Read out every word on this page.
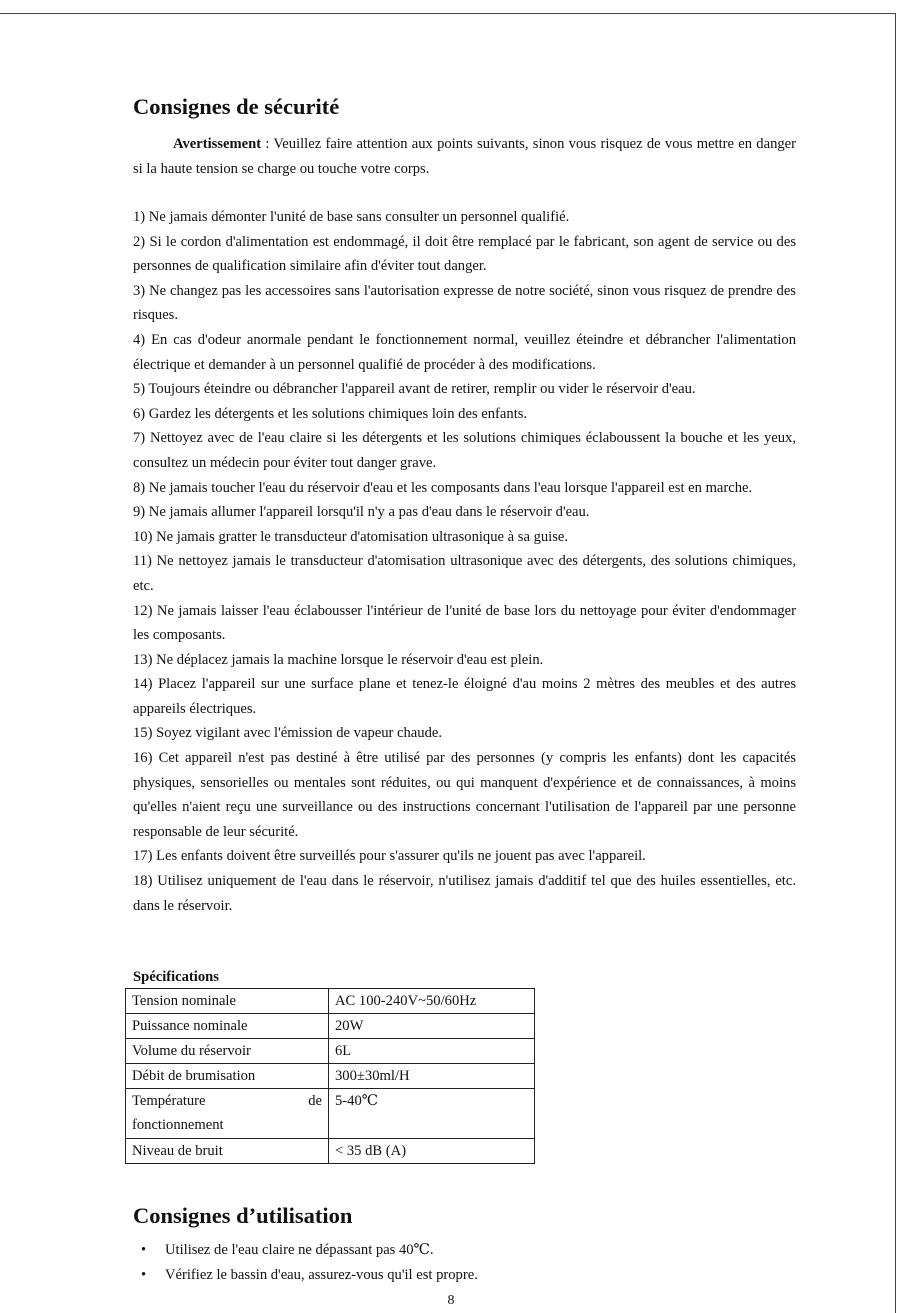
Consignes de sécurité

Avertissement : Veuillez faire attention aux points suivants, sinon vous risquez de vous mettre en danger si la haute tension se charge ou touche votre corps.

1) Ne jamais démonter l'unité de base sans consulter un personnel qualifié.
2) Si le cordon d'alimentation est endommagé, il doit être remplacé par le fabricant, son agent de service ou des personnes de qualification similaire afin d'éviter tout danger.
3) Ne changez pas les accessoires sans l'autorisation expresse de notre société, sinon vous risquez de prendre des risques.
4) En cas d'odeur anormale pendant le fonctionnement normal, veuillez éteindre et débrancher l'alimentation électrique et demander à un personnel qualifié de procéder à des modifications.
5) Toujours éteindre ou débrancher l'appareil avant de retirer, remplir ou vider le réservoir d'eau.
6) Gardez les détergents et les solutions chimiques loin des enfants.
7) Nettoyez avec de l'eau claire si les détergents et les solutions chimiques éclaboussent la bouche et les yeux, consultez un médecin pour éviter tout danger grave.
8) Ne jamais toucher l'eau du réservoir d'eau et les composants dans l'eau lorsque l'appareil est en marche.
9) Ne jamais allumer l'appareil lorsqu'il n'y a pas d'eau dans le réservoir d'eau.
10) Ne jamais gratter le transducteur d'atomisation ultrasonique à sa guise.
11) Ne nettoyez jamais le transducteur d'atomisation ultrasonique avec des détergents, des solutions chimiques, etc.
12) Ne jamais laisser l'eau éclabousser l'intérieur de l'unité de base lors du nettoyage pour éviter d'endommager les composants.
13) Ne déplacez jamais la machine lorsque le réservoir d'eau est plein.
14) Placez l'appareil sur une surface plane et tenez-le éloigné d'au moins 2 mètres des meubles et des autres appareils électriques.
15) Soyez vigilant avec l'émission de vapeur chaude.
16) Cet appareil n'est pas destiné à être utilisé par des personnes (y compris les enfants) dont les capacités physiques, sensorielles ou mentales sont réduites, ou qui manquent d'expérience et de connaissances, à moins qu'elles n'aient reçu une surveillance ou des instructions concernant l'utilisation de l'appareil par une personne responsable de leur sécurité.
17) Les enfants doivent être surveillés pour s'assurer qu'ils ne jouent pas avec l'appareil.
18) Utilisez uniquement de l'eau dans le réservoir, n'utilisez jamais d'additif tel que des huiles essentielles, etc. dans le réservoir.

Spécifications

Tension nominale	AC 100-240V~50/60Hz
Puissance nominale	20W
Volume du réservoir	6L
Débit de brumisation	300±30ml/H

Température de
fonctionnement	5-40℃
Niveau de bruit	< 35 dB (A)
Consignes d’utilisation
• Utilisez de l'eau claire ne dépassant pas 40℃.
• Vérifiez le bassin d'eau, assurez-vous qu'il est propre.
8
